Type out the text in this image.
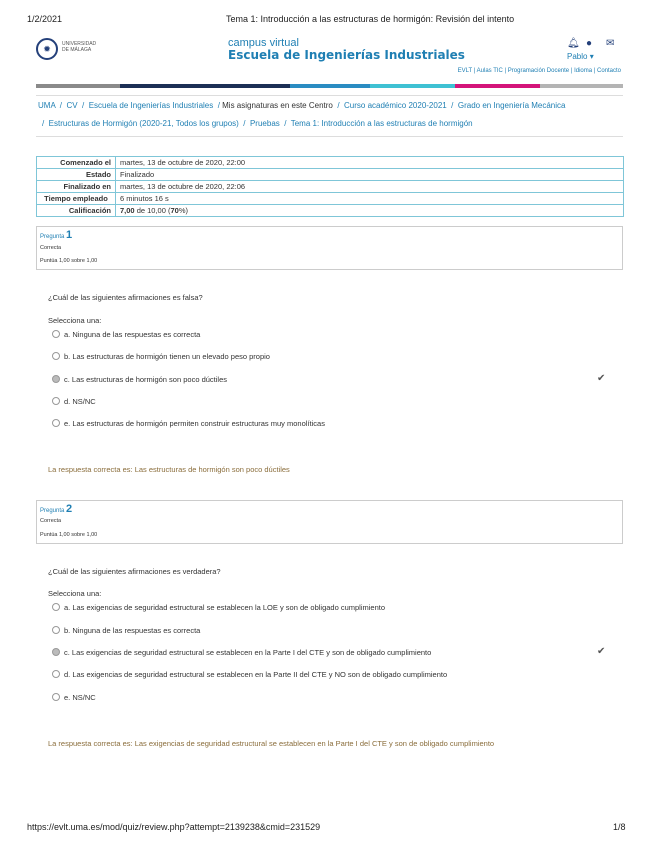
1/2/2021	Tema 1: Introducción a las estructuras de hormigón: Revisión del intento
https://evlt.uma.es/mod/quiz/review.php?attempt=2139238&cmid=231529	1/8
✹	UNIVERSIDAD DE MÁLAGA
campus virtual
Escuela de Ingenierías Industriales
🔔︎ ● ✉
Pablo ▾
EVLT | Aulas TIC | Programación Docente | Idioma | Contacto
UMA  /  CV  /  Escuela de Ingenierías Industriales  / Mis asignaturas en este Centro  /  Curso académico 2020-2021  /  Grado en Ingeniería Mecánica
/  Estructuras de Hormigón (2020-21, Todos los grupos)  /  Pruebas  /  Tema 1: Introducción a las estructuras de hormigón
Comenzado el	martes, 13 de octubre de 2020, 22:00
Estado	Finalizado
Finalizado en	martes, 13 de octubre de 2020, 22:06
Tiempo empleado	6 minutos 16 s
Calificación	7,00 de 10,00 (70%)
Pregunta 1
Correcta
Puntúa 1,00 sobre 1,00
¿Cuál de las siguientes afirmaciones es falsa?
Selecciona una:
a. Ninguna de las respuestas es correcta
b. Las estructuras de hormigón tienen un elevado peso propio
c. Las estructuras de hormigón son poco dúctiles	✔
d. NS/NC
e. Las estructuras de hormigón permiten construir estructuras muy monolíticas
La respuesta correcta es: Las estructuras de hormigón son poco dúctiles
Pregunta 2
Correcta
Puntúa 1,00 sobre 1,00
¿Cuál de las siguientes afirmaciones es verdadera?
Selecciona una:
a. Las exigencias de seguridad estructural se establecen la LOE y son de obligado cumplimiento
b. Ninguna de las respuestas es correcta
c. Las exigencias de seguridad estructural se establecen en la Parte I del CTE y son de obligado cumplimiento	✔
d. Las exigencias de seguridad estructural se establecen en la Parte II del CTE y NO son de obligado cumplimiento
e. NS/NC
La respuesta correcta es: Las exigencias de seguridad estructural se establecen en la Parte I del CTE y son de obligado cumplimiento
